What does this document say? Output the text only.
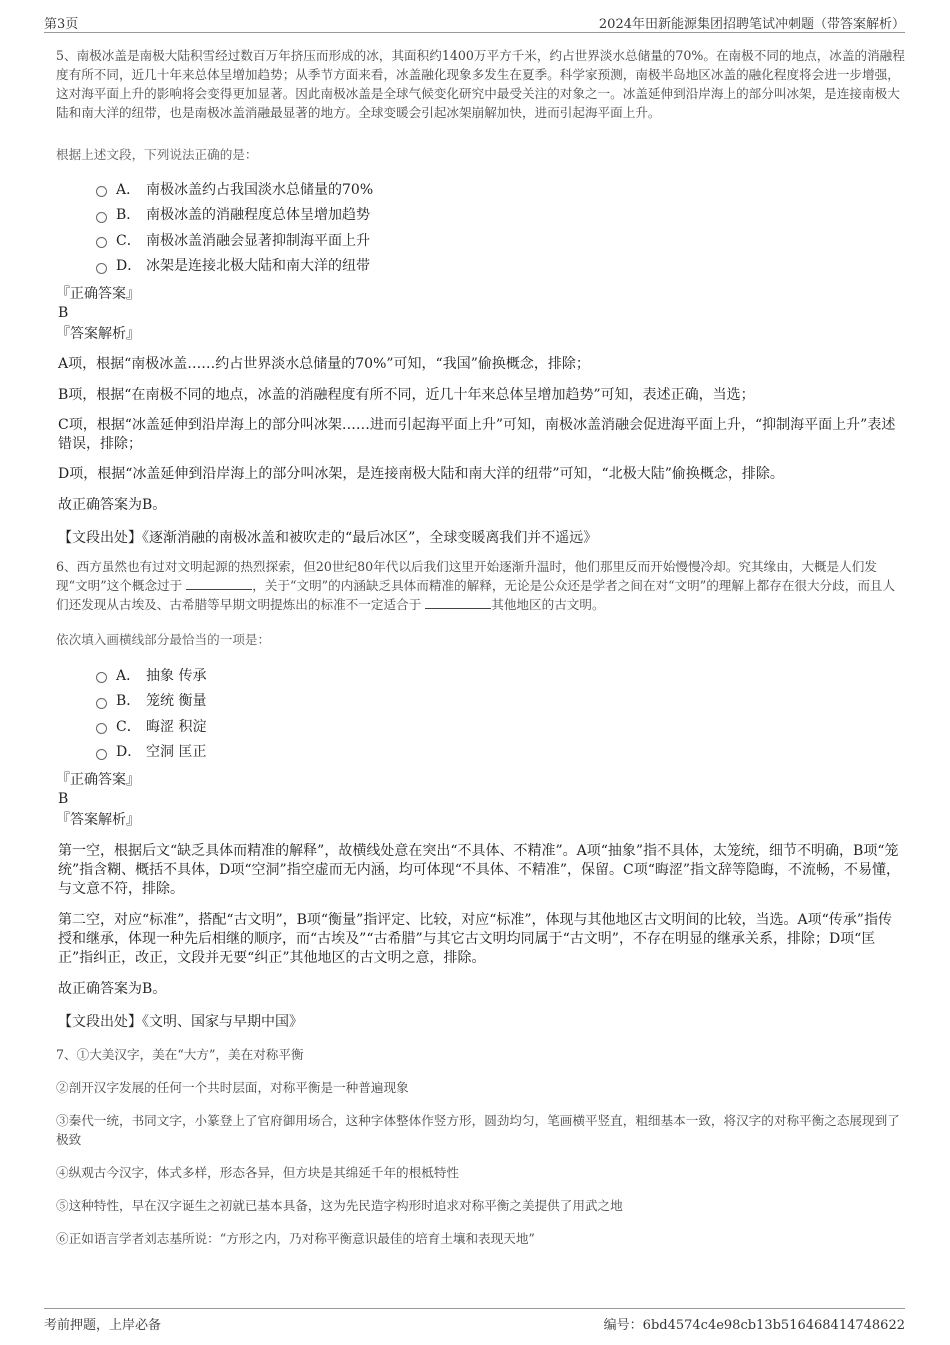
第3页	2024年田新能源集团招聘笔试冲刺题（带答案解析）

5、南极冰盖是南极大陆积雪经过数百万年挤压而形成的冰，其面积约1400万平方千米，约占世界淡水总储量的70%。在南极不同的地点，冰盖的消融程度有所不同，近几十年来总体呈增加趋势；从季节方面来看，冰盖融化现象多发生在夏季。科学家预测，南极半岛地区冰盖的融化程度将会进一步增强，这对海平面上升的影响将会变得更加显著。因此南极冰盖是全球气候变化研究中最受关注的对象之一。冰盖延伸到沿岸海上的部分叫冰架，是连接南极大陆和南大洋的纽带，也是南极冰盖消融最显著的地方。全球变暖会引起冰架崩解加快，进而引起海平面上升。

根据上述文段，下列说法正确的是：

A． 南极冰盖约占我国淡水总储量的70%
B． 南极冰盖的消融程度总体呈增加趋势
C． 南极冰盖消融会显著抑制海平面上升
D． 冰架是连接北极大陆和南大洋的纽带

『正确答案』

B

『答案解析』

A项，根据“南极冰盖……约占世界淡水总储量的70%”可知，“我国”偷换概念，排除；

B项，根据“在南极不同的地点，冰盖的消融程度有所不同，近几十年来总体呈增加趋势”可知，表述正确，当选；

C项，根据“冰盖延伸到沿岸海上的部分叫冰架……进而引起海平面上升”可知，南极冰盖消融会促进海平面上升，“抑制海平面上升”表述错误，排除；

D项，根据“冰盖延伸到沿岸海上的部分叫冰架，是连接南极大陆和南大洋的纽带”可知，“北极大陆”偷换概念，排除。

故正确答案为B。

【文段出处】《逐渐消融的南极冰盖和被吹走的“最后冰区”，全球变暖离我们并不遥远》

6、西方虽然也有过对文明起源的热烈探索，但20世纪80年代以后我们这里开始逐渐升温时，他们那里反而开始慢慢冷却。究其缘由，大概是人们发现“文明”这个概念过于	，关于“文明”的内涵缺乏具体而精准的解释，无论是公众还是学者之间在对“文明”的理解上都存在很大分歧，而且人们还发现从古埃及、古希腊等早期文明提炼出的标准不一定适合于	其他地区的古文明。

依次填入画横线部分最恰当的一项是：

A． 抽象 传承
B． 笼统 衡量
C． 晦涩 积淀
D． 空洞 匡正

『正确答案』

B

『答案解析』

第一空，根据后文“缺乏具体而精准的解释”，故横线处意在突出“不具体、不精准”。A项“抽象”指不具体，太笼统，细节不明确，B项“笼统”指含糊、概括不具体，D项“空洞”指空虚而无内涵，均可体现“不具体、不精准”，保留。C项“晦涩”指文辞等隐晦，不流畅，不易懂，与文意不符，排除。

第二空，对应“标准”，搭配“古文明”，B项“衡量”指评定、比较，对应“标准”，体现与其他地区古文明间的比较，当选。A项“传承”指传授和继承，体现一种先后相继的顺序，而“古埃及”“古希腊”与其它古文明均同属于“古文明”，不存在明显的继承关系，排除；D项“匡正”指纠正，改正，文段并无要“纠正”其他地区的古文明之意，排除。

故正确答案为B。

【文段出处】《文明、国家与早期中国》

7、①大美汉字，美在“大方”，美在对称平衡

②剖开汉字发展的任何一个共时层面，对称平衡是一种普遍现象

③秦代一统，书同文字，小篆登上了官府御用场合，这种字体整体作竖方形，圆劲均匀，笔画横平竖直，粗细基本一致，将汉字的对称平衡之态展现到了极致

④纵观古今汉字，体式多样，形态各异，但方块是其绵延千年的根柢特性

⑤这种特性，早在汉字诞生之初就已基本具备，这为先民造字构形时追求对称平衡之美提供了用武之地

⑥正如语言学者刘志基所说：“方形之内，乃对称平衡意识最佳的培育土壤和表现天地”

考前押题，上岸必备	编号：6bd4574c4e98cb13b516468414748622
